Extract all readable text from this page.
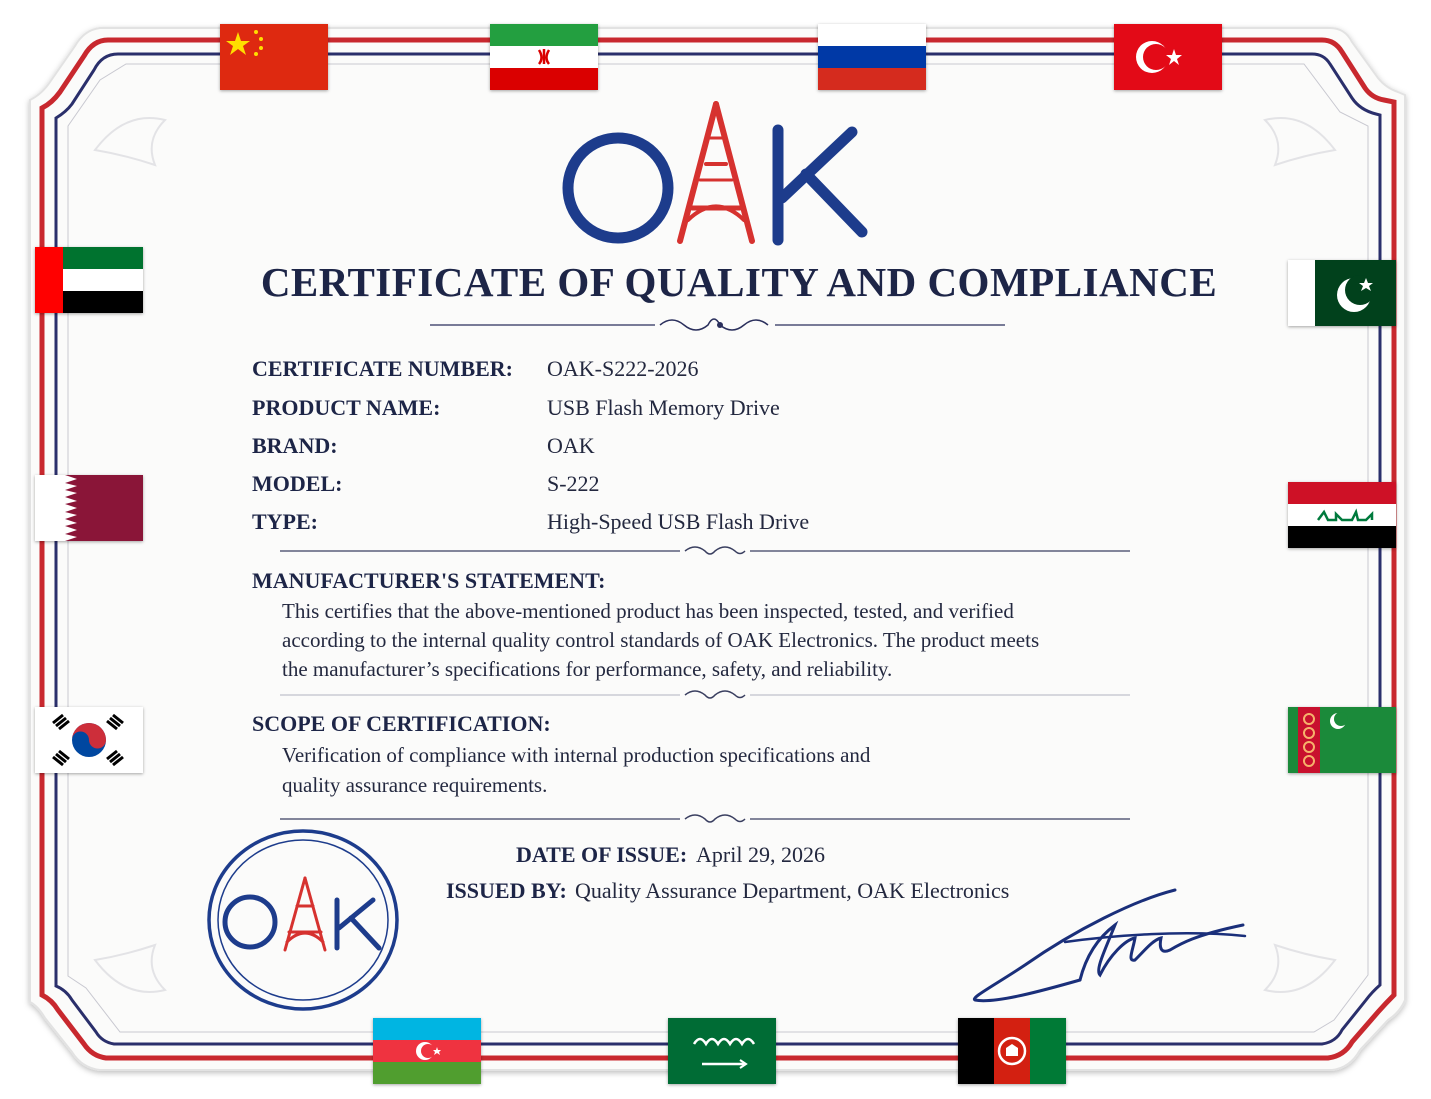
CERTIFICATE OF QUALITY AND COMPLIANCE
CERTIFICATE NUMBER: OAK-S222-2026
PRODUCT NAME:	USB Flash Memory Drive
BRAND:	OAK
MODEL:	S-222
TYPE:	High-Speed USB Flash Drive
MANUFACTURER'S STATEMENT:
This certifies that the above-mentioned product has been inspected, tested, and verified
according to the internal quality control standards of OAK Electronics. The product meets
the manufacturer’s specifications for performance, safety, and reliability.
SCOPE OF CERTIFICATION:
Verification of compliance with internal production specifications and
quality assurance requirements.
DATE OF ISSUE: April 29, 2026
ISSUED BY: Quality Assurance Department, OAK Electronics
